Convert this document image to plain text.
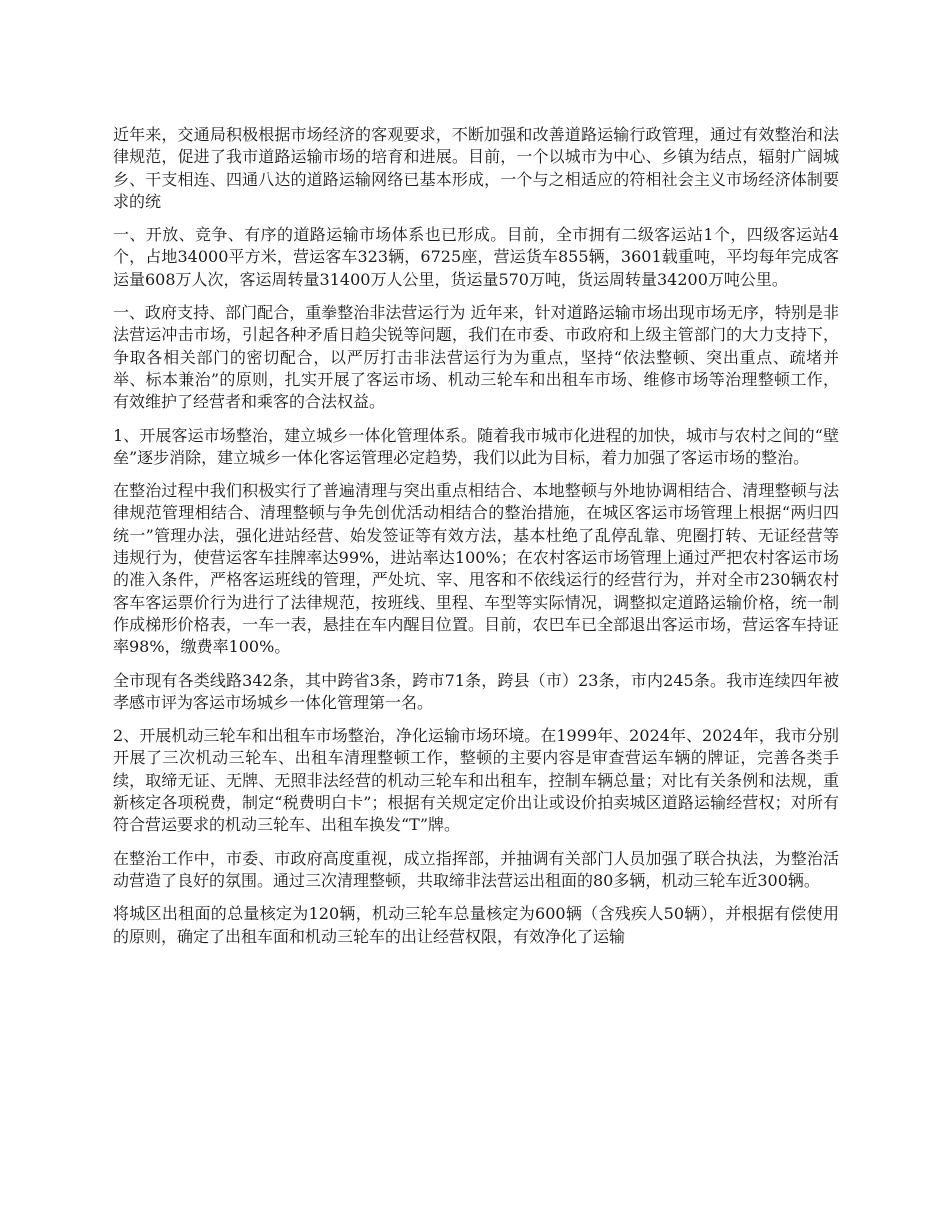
近年来，交通局积极根据市场经济的客观要求，不断加强和改善道路运输行政管理，通过有效整治和法律规范，促进了我市道路运输市场的培育和进展。目前，一个以城市为中心、乡镇为结点，辐射广阔城乡、干支相连、四通八达的道路运输网络已基本形成，一个与之相适应的符相社会主义市场经济体制要求的统

一、开放、竞争、有序的道路运输市场体系也已形成。目前，全市拥有二级客运站1个，四级客运站4个，占地34000平方米，营运客车323辆，6725座，营运货车855辆，3601载重吨，平均每年完成客运量608万人次，客运周转量31400万人公里，货运量570万吨，货运周转量34200万吨公里。

一、政府支持、部门配合，重拳整治非法营运行为 近年来，针对道路运输市场出现市场无序，特别是非法营运冲击市场，引起各种矛盾日趋尖锐等问题，我们在市委、市政府和上级主管部门的大力支持下，争取各相关部门的密切配合，以严厉打击非法营运行为为重点，坚持“依法整顿、突出重点、疏堵并举、标本兼治”的原则，扎实开展了客运市场、机动三轮车和出租车市场、维修市场等治理整顿工作，有效维护了经营者和乘客的合法权益。

1、开展客运市场整治，建立城乡一体化管理体系。随着我市城市化进程的加快，城市与农村之间的“壁垒”逐步消除，建立城乡一体化客运管理必定趋势，我们以此为目标，着力加强了客运市场的整治。

在整治过程中我们积极实行了普遍清理与突出重点相结合、本地整顿与外地协调相结合、清理整顿与法律规范管理相结合、清理整顿与争先创优活动相结合的整治措施，在城区客运市场管理上根据“两归四统一”管理办法，强化进站经营、始发签证等有效方法，基本杜绝了乱停乱靠、兜圈打转、无证经营等违规行为，使营运客车挂牌率达99%，进站率达100%；在农村客运市场管理上通过严把农村客运市场的准入条件，严格客运班线的管理，严处坑、宰、甩客和不依线运行的经营行为，并对全市230辆农村客车客运票价行为进行了法律规范，按班线、里程、车型等实际情况，调整拟定道路运输价格，统一制作成梯形价格表，一车一表，悬挂在车内醒目位置。目前，农巴车已全部退出客运市场，营运客车持证率98%，缴费率100%。

全市现有各类线路342条，其中跨省3条，跨市71条，跨县（市）23条，市内245条。我市连续四年被孝感市评为客运市场城乡一体化管理第一名。

2、开展机动三轮车和出租车市场整治，净化运输市场环境。在1999年、2024年、2024年，我市分别开展了三次机动三轮车、出租车清理整顿工作，整顿的主要内容是审查营运车辆的牌证，完善各类手续，取缔无证、无牌、无照非法经营的机动三轮车和出租车，控制车辆总量；对比有关条例和法规，重新核定各项税费，制定“税费明白卡”；根据有关规定定价出让或设价拍卖城区道路运输经营权；对所有符合营运要求的机动三轮车、出租车换发“T”牌。

在整治工作中，市委、市政府高度重视，成立指挥部，并抽调有关部门人员加强了联合执法，为整治活动营造了良好的氛围。通过三次清理整顿，共取缔非法营运出租面的80多辆，机动三轮车近300辆。

将城区出租面的总量核定为120辆，机动三轮车总量核定为600辆（含残疾人50辆），并根据有偿使用的原则，确定了出租车面和机动三轮车的出让经营权限，有效净化了运输
